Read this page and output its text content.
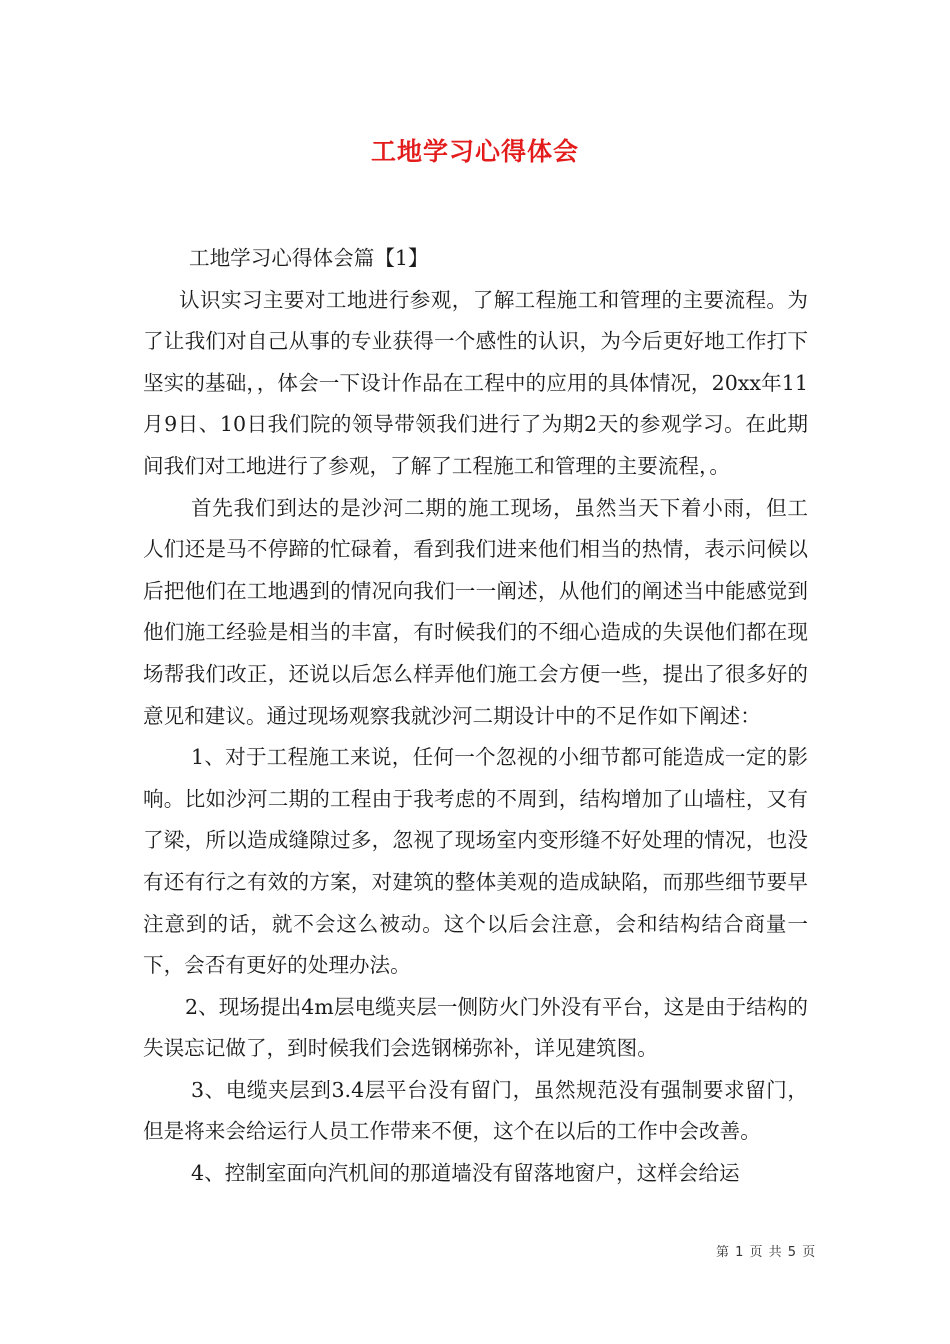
工地学习心得体会

工地学习心得体会篇【1】

认识实习主要对工地进行参观，了解工程施工和管理的主要流程。为了让我们对自己从事的专业获得一个感性的认识，为今后更好地工作打下坚实的基础，，体会一下设计作品在工程中的应用的具体情况，20xx年11月9日、10日我们院的领导带领我们进行了为期2天的参观学习。在此期间我们对工地进行了参观，了解了工程施工和管理的主要流程，。

首先我们到达的是沙河二期的施工现场，虽然当天下着小雨，但工人们还是马不停蹄的忙碌着，看到我们进来他们相当的热情，表示问候以后把他们在工地遇到的情况向我们一一阐述，从他们的阐述当中能感觉到他们施工经验是相当的丰富，有时候我们的不细心造成的失误他们都在现场帮我们改正，还说以后怎么样弄他们施工会方便一些，提出了很多好的意见和建议。通过现场观察我就沙河二期设计中的不足作如下阐述：

1、对于工程施工来说，任何一个忽视的小细节都可能造成一定的影响。比如沙河二期的工程由于我考虑的不周到，结构增加了山墙柱，又有了梁，所以造成缝隙过多，忽视了现场室内变形缝不好处理的情况，也没有还有行之有效的方案，对建筑的整体美观的造成缺陷，而那些细节要早注意到的话，就不会这么被动。这个以后会注意，会和结构结合商量一下，会否有更好的处理办法。

2、现场提出4m层电缆夹层一侧防火门外没有平台，这是由于结构的失误忘记做了，到时候我们会选钢梯弥补，详见建筑图。

3、电缆夹层到3.4层平台没有留门，虽然规范没有强制要求留门，但是将来会给运行人员工作带来不便，这个在以后的工作中会改善。

4、控制室面向汽机间的那道墙没有留落地窗户，这样会给运

第 1 页 共 5 页
